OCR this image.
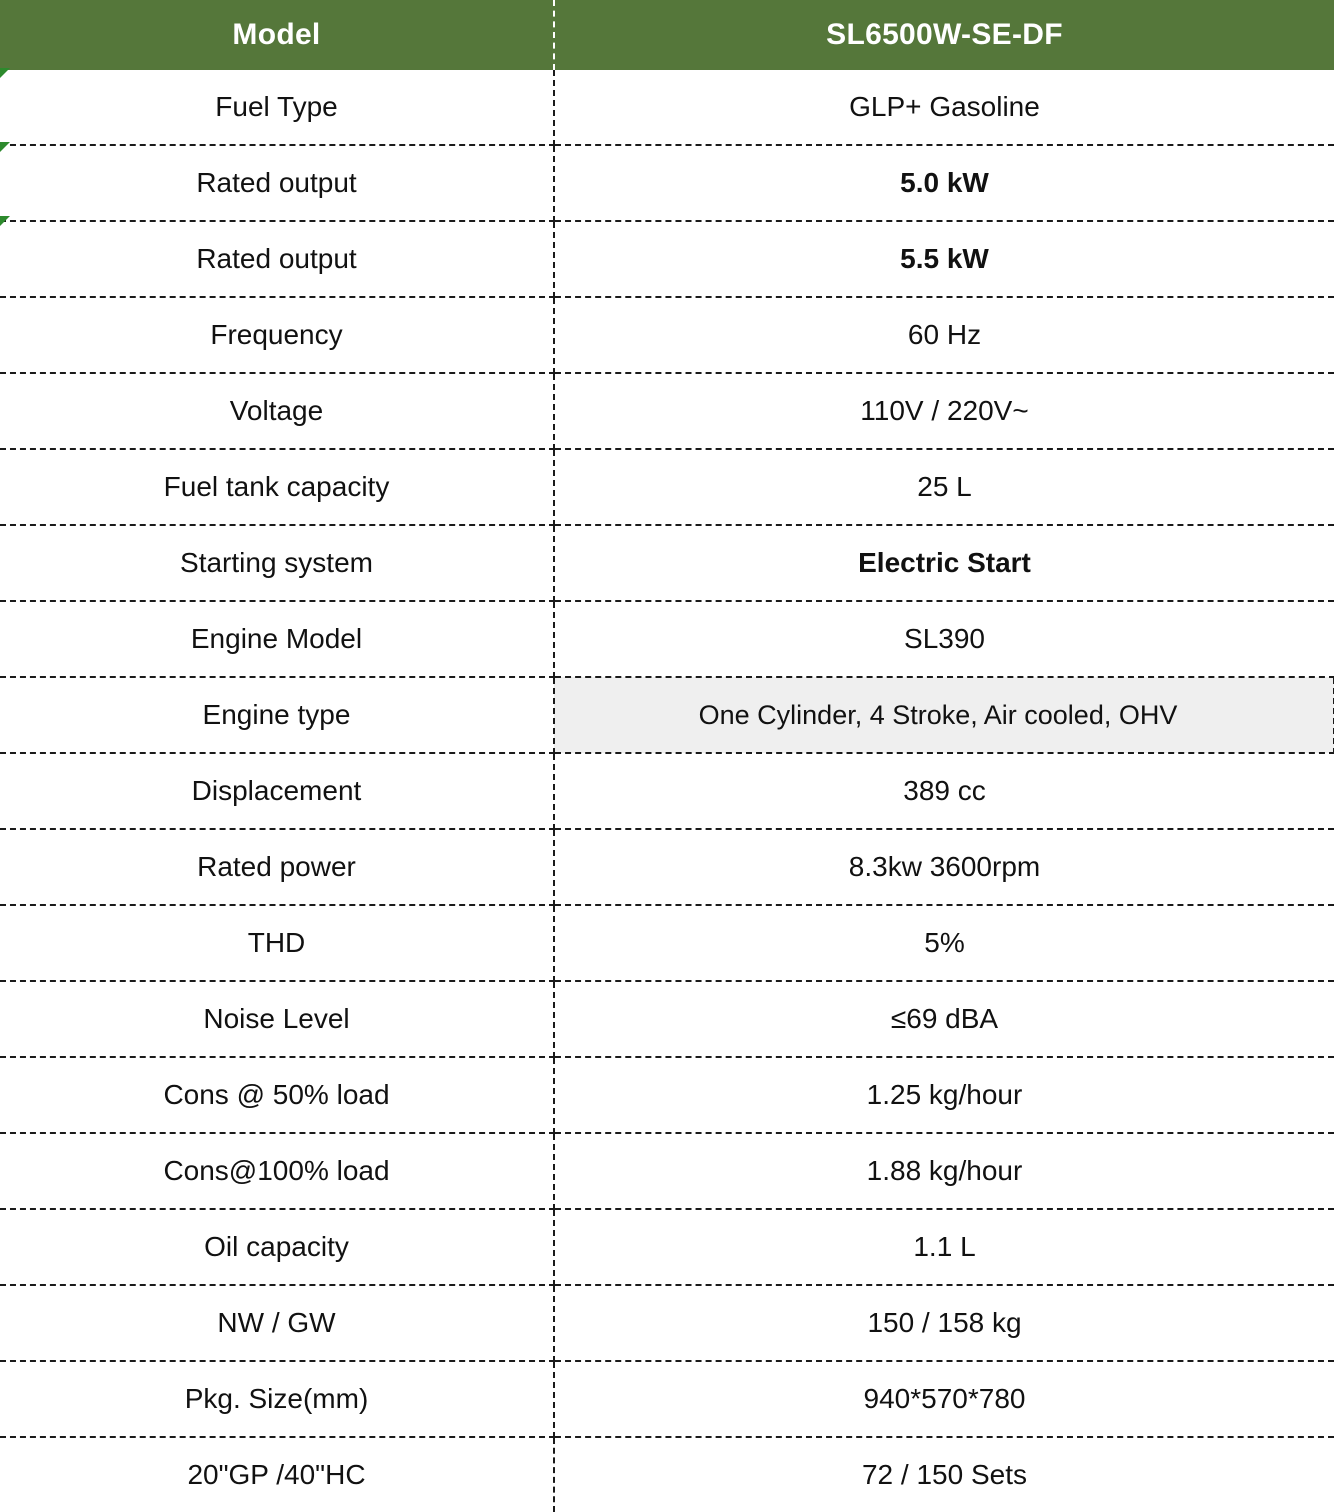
Model	SL6500W-SE-DF
Fuel Type	GLP+ Gasoline
Rated output	5.0 kW
Rated output	5.5 kW
Frequency	60 Hz
Voltage	110V / 220V~
Fuel tank capacity	25 L
Starting system	Electric Start
Engine Model	SL390
Engine type	One Cylinder, 4 Stroke, Air cooled, OHV

Displacement	389 cc
Rated power	8.3kw 3600rpm
THD	5%
Noise Level	≤69 dBA
Cons @ 50% load	1.25 kg/hour
Cons@100% load	1.88 kg/hour
Oil capacity	1.1 L
NW / GW	150 / 158 kg
Pkg. Size(mm)	940*570*780
20"GP /40"HC	72 / 150 Sets
